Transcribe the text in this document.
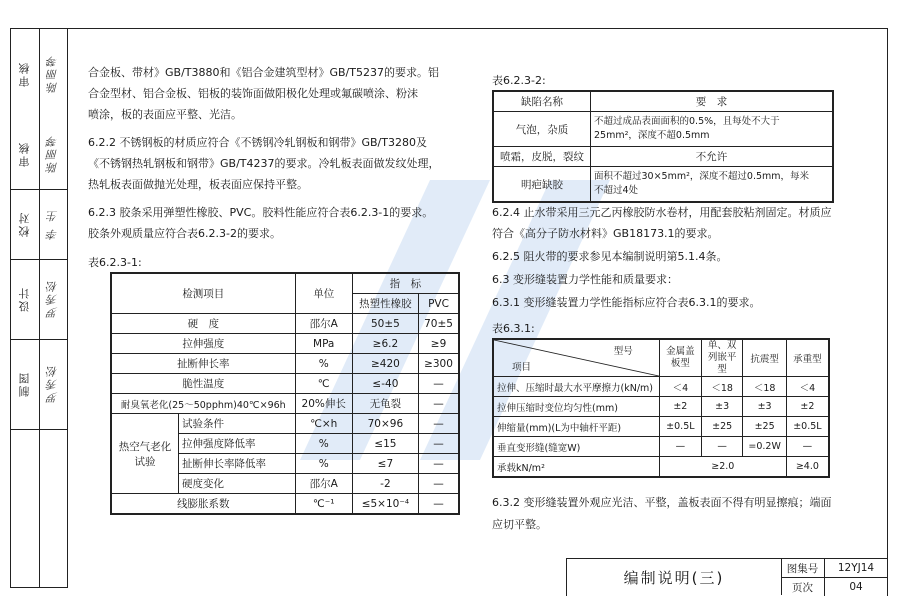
陈丽琴
审核
审核	陈丽琴
校对	李 生
设计	罗秀松
制图	罗秀松
合金板、带材》GB/T3880和《铝合金建筑型材》GB/T5237的要求。铝
合金型材、铝合金板、铝板的装饰面做阳极化处理或氟碳喷涂、粉沫
喷涂，板的表面应平整、光洁。
6.2.2 不锈钢板的材质应符合《不锈钢冷轧钢板和钢带》GB/T3280及
《不锈钢热轧钢板和钢带》GB/T4237的要求。冷轧板表面做发纹处理，
热轧板表面做抛光处理，板表面应保持平整。
6.2.3 胶条采用弹塑性橡胶、PVC。胶料性能应符合表6.2.3-1的要求。
胶条外观质量应符合表6.2.3-2的要求。
表6.2.3-1:
检测项目		单位	指　标	
			热塑性橡胶	PVC
硬　度		邵尔A	50±5	70±5
拉伸强度		MPa	≥6.2	≥9
扯断伸长率		%	≥420	≥300
脆性温度		℃	≤-40	—
耐臭氧老化(25～50pphm)40℃×96h		20%伸长	无龟裂	—
热空气老化试验	试验条件	℃×h	70×96	—
	拉伸强度降低率	%	≤15	—
	扯断伸长率降低率	%	≤7	—
	硬度变化	邵尔A	-2	—
线膨胀系数		℃⁻¹	≤5×10⁻⁴	—
表6.2.3-2:
缺陷名称	要　求
气泡，杂质	不超过成品表面面积的0.5%，且每处不大于
25mm²，深度不超0.5mm

喷霜，皮脱，裂纹	不允许
明疤缺胶	面积不超过30×5mm²，深度不超过0.5mm，每米
不超过4处
6.2.4 止水带采用三元乙丙橡胶防水卷材，用配套胶粘剂固定。材质应
符合《高分子防水材料》GB18173.1的要求。
6.2.5 阻火带的要求参见本编制说明第5.1.4条。
6.3 变形缝装置力学性能和质量要求：
6.3.1 变形缝装置力学性能指标应符合表6.3.1的要求。
表6.3.1:
型号
项目	金属盖板型	单、双列嵌平型	抗震型	承重型
拉伸、压缩时最大水平摩擦力(kN/m)	＜4	＜18	＜18	＜4
拉伸压缩时变位均匀性(mm)	±2	±3	±3	±2
伸缩量(mm)(L为中轴杆平距)	±0.5L	±25	±25	±0.5L
垂直变形缝(缝宽W)	—	—	=0.2W	—
承载kN/m²	≥2.0			≥4.0
6.3.2 变形缝装置外观应光洁、平整，盖板表面不得有明显擦痕；端面
应切平整。
编制说明(三)	图集号	12YJ14
页次	04
